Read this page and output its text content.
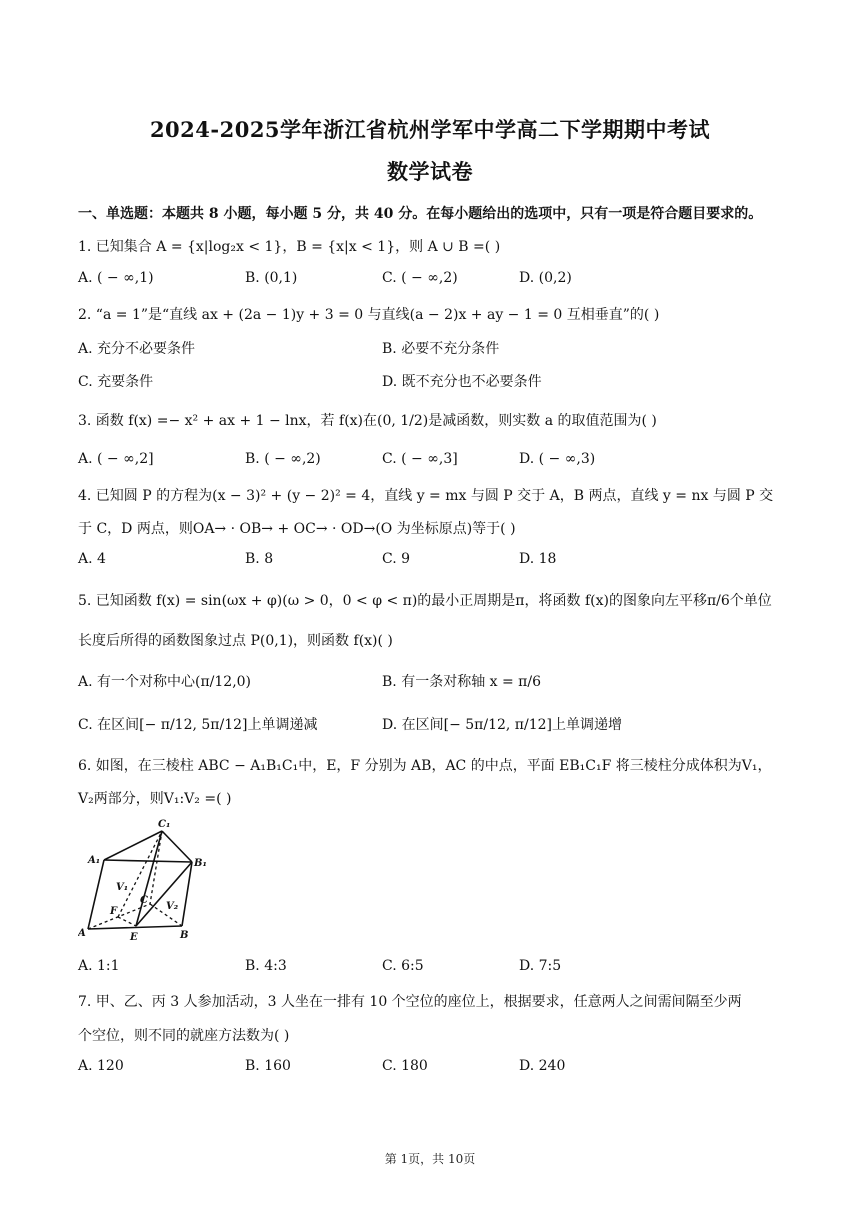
2024-2025学年浙江省杭州学军中学高二下学期期中考试
数学试卷
一、单选题：本题共 8 小题，每小题 5 分，共 40 分。在每小题给出的选项中，只有一项是符合题目要求的。
1. 已知集合 A = {x|log₂x < 1}，B = {x|x < 1}，则 A ∪ B =( )
A. ( − ∞,1)	B. (0,1)	C. ( − ∞,2)	D. (0,2)
2. “a = 1”是“直线 ax + (2a − 1)y + 3 = 0 与直线(a − 2)x + ay − 1 = 0 互相垂直”的( )
A. 充分不必要条件	B. 必要不充分条件
C. 充要条件	D. 既不充分也不必要条件
3. 函数 f(x) =− x² + ax + 1 − lnx，若 f(x)在(0, 1/2)是减函数，则实数 a 的取值范围为( )
A. ( − ∞,2]	B. ( − ∞,2)	C. ( − ∞,3]	D. ( − ∞,3)
4. 已知圆 P 的方程为(x − 3)² + (y − 2)² = 4，直线 y = mx 与圆 P 交于 A，B 两点，直线 y = nx 与圆 P 交
于 C，D 两点，则OA→ · OB→ + OC→ · OD→(O 为坐标原点)等于( )
A. 4	B. 8	C. 9	D. 18
5. 已知函数 f(x) = sin(ωx + φ)(ω > 0，0 < φ < π)的最小正周期是π，将函数 f(x)的图象向左平移π/6个单位
长度后所得的函数图象过点 P(0,1)，则函数 f(x)( )
A. 有一个对称中心(π/12,0)	B. 有一条对称轴 x = π/6
C. 在区间[− π/12, 5π/12]上单调递减	D. 在区间[− 5π/12, π/12]上单调递增
6. 如图，在三棱柱 ABC − A₁B₁C₁中，E，F 分别为 AB，AC 的中点，平面 EB₁C₁F 将三棱柱分成体积为V₁，
V₂两部分，则V₁:V₂ =( )
C₁
A₁	B₁
V₁
V₂
C
F
A	E	B
A. 1:1	B. 4:3	C. 6:5	D. 7:5
7. 甲、乙、丙 3 人参加活动，3 人坐在一排有 10 个空位的座位上，根据要求，任意两人之间需间隔至少两
个空位，则不同的就座方法数为( )
A. 120	B. 160	C. 180	D. 240
第 1页，共 10页
